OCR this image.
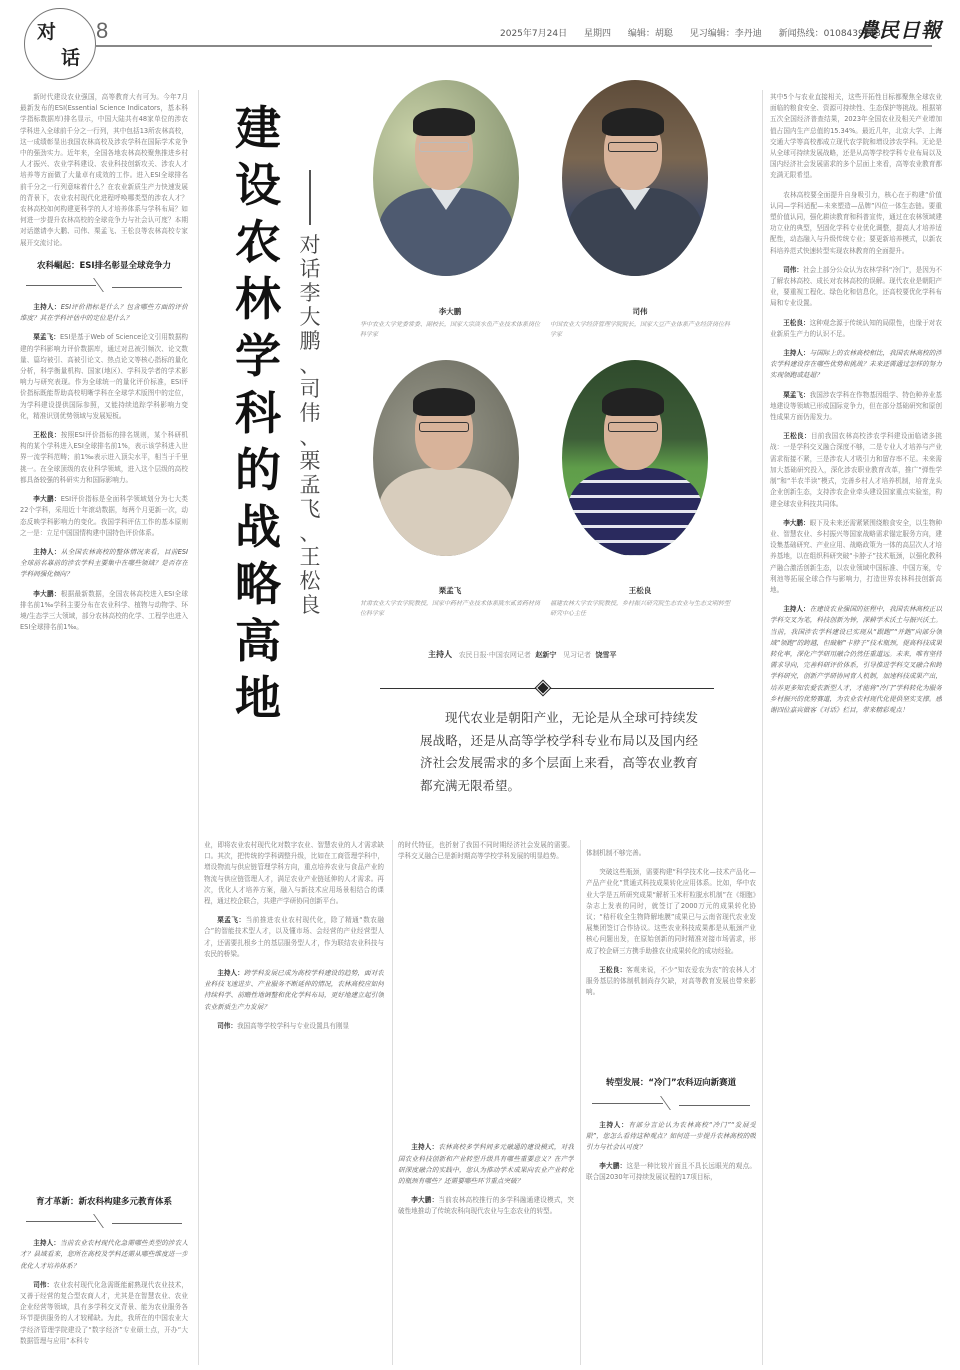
对
话
8	2025年7月24日 星期四 编辑：胡聪 见习编辑：李丹迪 新闻热线：01084395137
農民日報

新时代建设农业强国，高等教育大有可为。今年7月最新发布的ESI(Essential Science Indicators，基本科学指标数据库)排名显示，中国大陆共有48家单位的涉农学科进入全球前千分之一行列，其中包括13所农林高校，这一成绩彰显出我国农林高校及涉农学科在国际学术竞争中的强劲实力。近年来，全国各地农林高校聚焦推进乡村人才振兴、农业学科建设、农业科技创新攻关、涉农人才培养等方面做了大量卓有成效的工作。进入ESI全球排名前千分之一行列意味着什么？在农业新质生产力快速发展的背景下，农业农村现代化进程呼唤哪类型的涉农人才？农林高校如何构建更科学的人才培养体系与学科布局？如何进一步提升农林高校的全球竞争力与社会认可度？本期对话邀请李大鹏、司伟、栗孟飞、王松良等农林高校专家展开交流讨论。

农科崛起：ESI排名彰显全球竞争力

主持人：ESI评价指标是什么？包含哪些方面的评价维度？其在学科评估中的定位是什么？

栗孟飞：ESI是基于Web of Science论文引用数据构建的学科影响力评价数据库，通过对总被引频次、论文数量、篇均被引、高被引论文、热点论文等核心指标的量化分析，科学衡量机构、国家(地区)、学科及学者的学术影响力与研究表现。作为全球统一的量化评价标准，ESI评价指标既能帮助高校明晰学科在全球学术版图中的定位，为学科建设提供国际参照，又能持续追踪学科影响力变化，精准识别优势领域与发展短板。

王松良：按照ESI评价指标的排名规则，某个科研机构的某个学科进入ESI全球排名前1%，表示该学科进入世界一流学科范畴；前1‰表示进入顶尖水平，相当于千里挑一。在全球顶级的农业科学领域，进入这个层级的高校都具备较强的科研实力和国际影响力。

李大鹏：ESI评价指标是全面科学领域划分为七大类22个学科，采用近十年滚动数据，每两个月更新一次，动态反映学科影响力的变化。我国学科评估工作的基本原则之一是：立足中国国情构建中国特色评价体系。

主持人：从全国农林高校的整体情况来看，目前ESI全球前名靠前的涉农学科主要集中在哪些领域？是否存在学科间强化倾向？

李大鹏：根据最新数据，全国农林高校进入ESI全球排名前1‰学科主要分布在农业科学、植物与动物学、环境/生态学三大领域，部分农林高校的化学、工程学也进入ESI全球排名前1‰。

育才革新：新农科构建多元教育体系

主持人：当前农业农村现代化急需哪些类型的涉农人才？县域看来，您所在高校及学科还需从哪些维度进一步优化人才培养体系？

司伟：农业农村现代化急需既能耐熟现代农业技术，又善于经营的复合型农商人才，尤其是在智慧农业、农业企业经营等领域，具有多学科交叉背景、能为农业服务各环节提供服务的人才较稀缺。为此，我所在的中国农业大学经济管理学院建设了“数字经济”专业硕士点，开办“大数据管理与应用”本科专

建
设
农
林
学
科
的
战
略
高
地
对
话
李
大
鹏
、
司
伟
、
栗
孟
飞
、
王
松
良
李大鹏
华中农业大学党委常委、副校长，国家大宗淡水鱼产业技术体系岗位科学家
司伟
中国农业大学经济管理学院院长，国家大豆产业体系产业经济岗位科学家
栗孟飞
甘肃农业大学农学院教授，国家中药材产业技术体系陇东贰省药材岗位科学家
王松良
福建农林大学农学院教授，乡村振兴研究院生态农业与生态文明转型研究中心主任
主持人 农民日报·中国农网记者 赵新宁 见习记者 饶雪平
现代农业是朝阳产业，无论是从全球可持续发展战略，还是从高等学校学科专业布局以及国内经济社会发展需求的多个层面上来看，高等农业教育都充满无限希望。

业，即将农业农村现代化对数字农业、智慧农业的人才需求缺口。其次，把传统的学科调整升级，比如在工商管理学科中，增设物流与供应链管理学科方向，重点培养农业与食品产业的物流与供应链管理人才，满足农业产业链延伸的人才需求。再次，优化人才培养方案，融入与新技术应用场景相结合的课程，通过校企联合，共建产学研协同创新平台。

栗孟飞：当前推进农业农村现代化，除了精通“数农融合”的智能技术型人才，以及懂市场、会经营的产业经营型人才，还需要扎根乡土的基层服务型人才，作为联结农业科技与农民的桥梁。

主持人：跨学科发展已成为高校学科建设的趋势，面对农业科技飞速进步、产业服务不断延伸的情况，农林高校应如何持续科学、前瞻性地调整和优化学科布局，更好地建立起引领农业新质生产力发展？

司伟：我国高等学校学科与专业设置具有刚显

的时代特征，也折射了我国不同时期经济社会发展的需要。学科交叉融合已是新时期高等学校学科发展的明显趋势。

主持人：农林高校多学科间多元融通的建设模式，对我国农业科技创新和产业转型升级具有哪些重要意义？在产学研深度融合的实践中，您认为推动学术成果向农业产业转化的瓶颈有哪些？还需要哪些环节重点突破？

李大鹏：当前农林高校推行的多学科融通建设模式，突破性地推动了传统农科向现代农业与生态农业的转型。

体制机制不够完善。

突破这些瓶颈，需要构建“科学技术化—技术产品化—产品产业化”贯通式科技成果转化应用体系。比如，华中农业大学是五所研究成果“解析玉米秆粒脱水机制”在《细胞》杂志上发表的同时，就签订了2000万元的成果转化协议；“秸秆收全生物降解地膜”成果已与云南省现代农业发展集团签订合作协议。这些农业科技成果都是从瓶颈产业核心问题出发，在原始创新的同时精准对接市场需求，形成了校企研三方携手助推农业成果转化的成功经验。

王松良：客观来说，不少“知农爱农为农”的农林人才服务基层的体制机制尚存欠缺，对高等教育发展也带来影响。

转型发展：“冷门”农科迈向新赛道

主持人：有部分言论认为农林高校“冷门”“发展受限”，您怎么看待这种观点？如何进一步提升农林高校的吸引力与社会认可度？

李大鹏：这是一种比较片面且不具长远眼光的观点。联合国2030年可持续发展议程的17项目标，

其中5个与农业直接相关，这些开拓性目标都聚焦全球农业面临的粮食安全、资源可持续性、生态保护等挑战。根据第五次全国经济普查结果，2023年全国农业及相关产业增加值占国内生产总值的15.34%。最近几年，北京大学、上海交通大学等高校都成立现代农学院和增设涉农学科。无论是从全球可持续发展战略，还是从高等学校学科专业布局以及国内经济社会发展需求的多个层面上来看，高等农业教育都充满无限希望。

农林高校要全面提升自身吸引力，核心在于构建“价值认同—学科适配—未来塑造—品牌”四位一体生态链。要重塑价值认同，强化耕读教育和科普宣传，通过在农林领域建功立业的典型，坚固化学科专业优化调整，提高人才培养适配性，动态融入与升级传统专业；要更新培养模式，以新农科培养范式快速转型实现农林教育的全面提升。

司伟：社会上部分公众认为农林学科“冷门”，是因为不了解农林高校、成长对农林高校的误解。现代农业是朝阳产业，要重视工程化、绿色化和信息化，还高校要优化学科布局和专业设置。

王松良：这种观念源于传统认知的局限性，也缘于对农业新质生产力的认识不足。

主持人：与国际上的农林高校相比，我国农林高校的涉农学科建设存在哪些优势和挑战？未来还需通过怎样的努力实现领跑或赶超？

栗孟飞：我国涉农学科在作物基因组学、特色种养业基地建设等领域已形成国际竞争力，但在部分基础研究和原创性成果方面仍需发力。

王松良：目前我国农林高校涉农学科建设面临诸多挑战：一是学科交叉融合深度不够，二是专业人才培养与产业需求衔接不紧，三是涉农人才吸引力和留存率不足。未来需加大基础研究投入，深化涉农职业教育改革，推广“弹性学制”和“半农半读”模式，完善乡村人才培养机制，培育龙头企业创新生态，支持涉农企业牵头建设国家重点实验室，构建全球农业科技共同体。

李大鹏：眼下及未来还需紧紧围绕粮食安全，以生物种业、智慧农业、乡村振兴等国家战略需求锚定服务方向，建设集基础研究、产业应用、战略政策为一体的高层次人才培养基地，以在组织科研突破“卡脖子”技术瓶颈，以强化教科产融合激活创新生态，以农业领域中国标准、中国方案，专利池等拓展全球合作与影响力，打造世界农林科技创新高地。

主持人：在建设农业强国的征程中，我国农林高校正以学科交叉为笔，科技创新为钟，深耕学术沃土与振兴沃土。当前，我国涉农学科建设已实现从“跟跑”“并跑”向部分领域“领跑”的跨越，但破解“卡脖子”技术瓶颈，提高科技成果转化率，深化产学研用融合仍然任重道远。未来，唯有坚持需求导向，完善科研评价体系，引导推进学科交叉融合和跨学科研究，创新产学研协同育人机制，加速科技成果产出，培养更多知农爱农新型人才，才能将“冷门”学科转化为服务乡村振兴的优势赛道，为农业农村现代化提供坚实支撑。感谢四位嘉宾做客《对话》栏目，带来精彩观点！
